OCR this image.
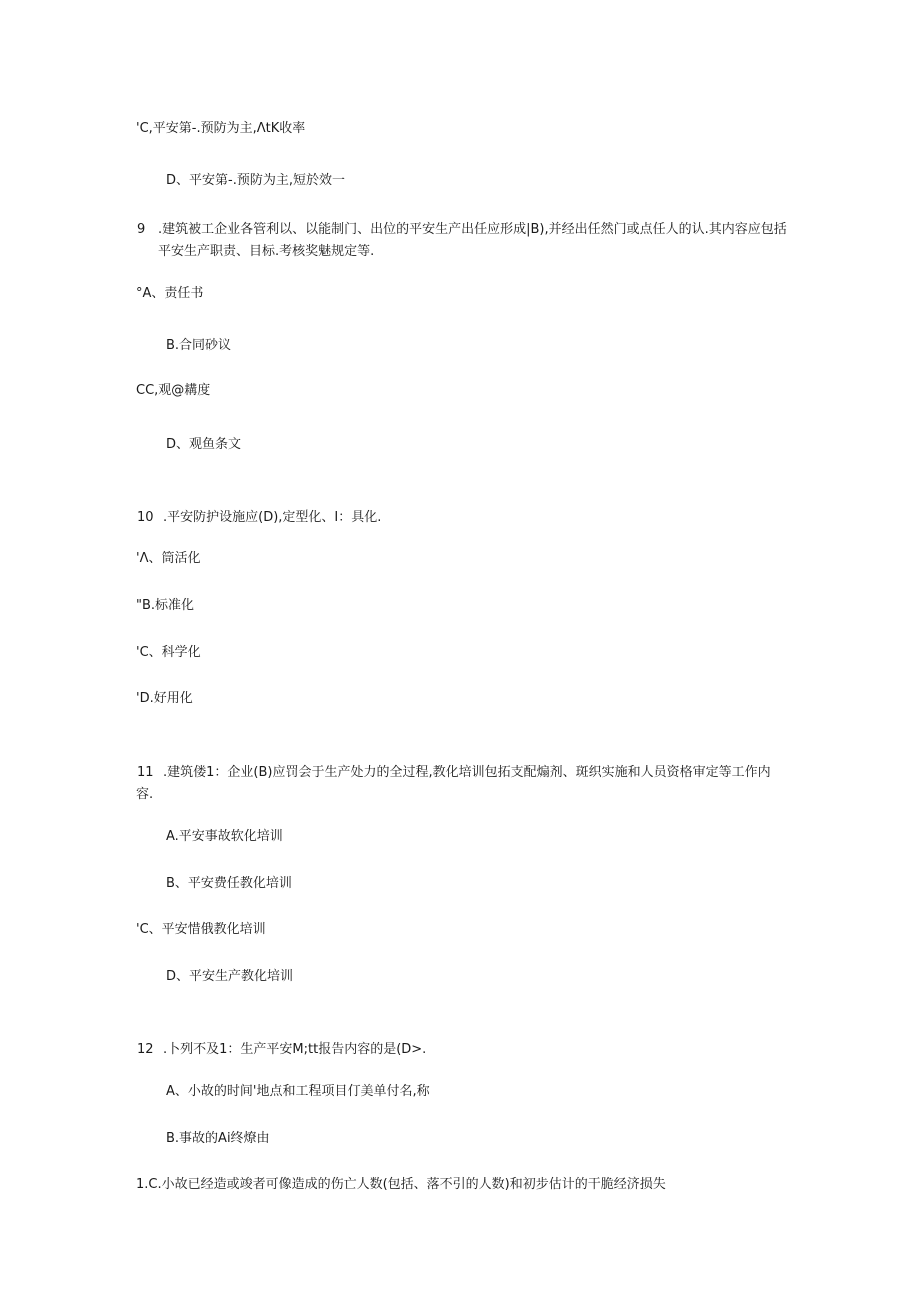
'C,平安第-.预防为主,ΛtK收率
D、平安第-.预防为主,短於效一
9 .建筑被工企业各管利以、以能制门、出位的平安生产出任应形成|B),并经出任然门或点任人的认.其内容应包括平安生产职责、目标.考核奖魅规定等.
°A、责任书
B.合同砂议
CC,观@耩度
D、观鱼条文
10 .平安防护设施应(D),定型化、I：具化.
'Λ、筒活化
"B.标准化
'C、科学化
'D.好用化
11 .建筑偻1：企业(B)应罚会于生产处力的全过程,教化培训包拓支配煽剂、斑织实施和人员资格审定等工作内容.
A.平安事故软化培训
B、平安费任教化培训
'C、平安惜俄教化培训
D、平安生产教化培训
12 .卜列不及1：生产平安M;tt报告内容的是(D>.
A、小故的时间'地点和工程项目仃美单付名,称
B.事故的Ai终燎由
1.C.小故已经造或竣者可像造成的伤亡人数(包括、落不引的人数)和初步估计的干脆经济损失
